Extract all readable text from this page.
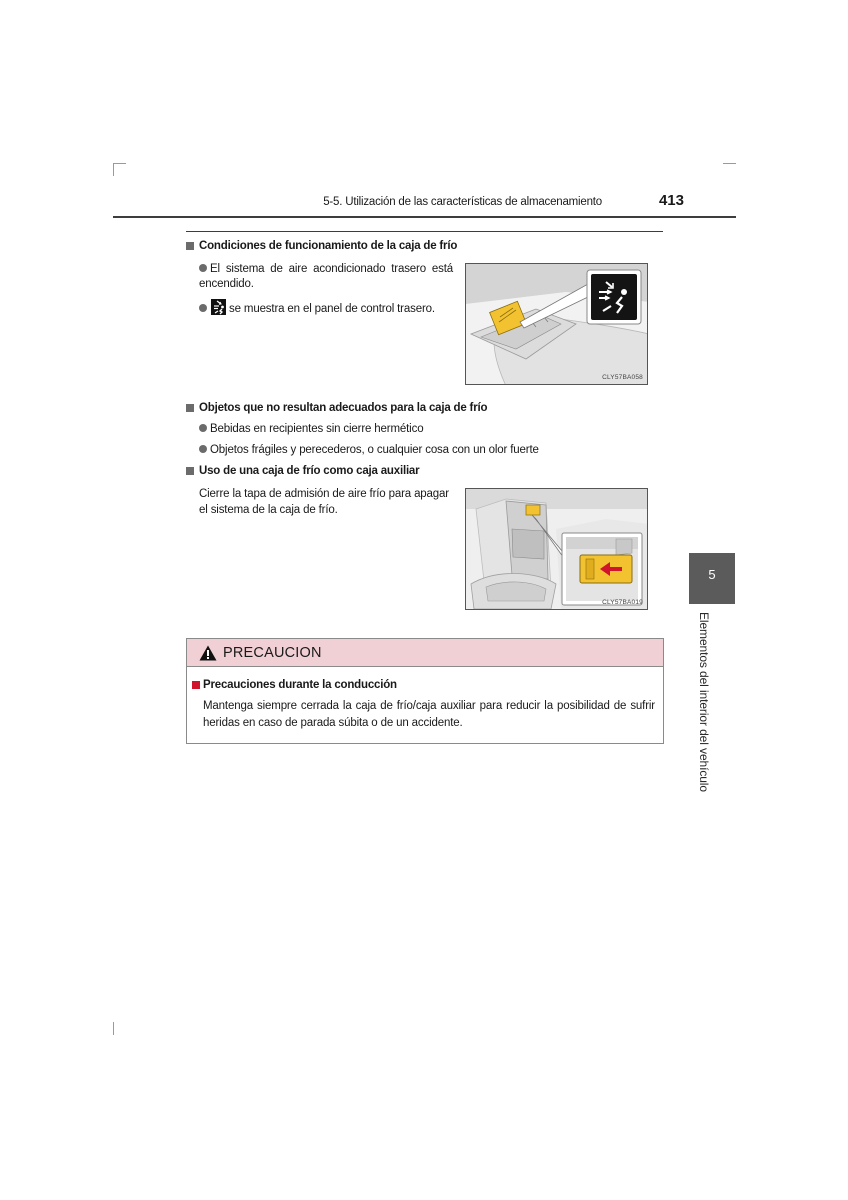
5-5. Utilización de las características de almacenamiento	413
5
Elementos del interior del vehículo
Condiciones de funcionamiento de la caja de frío
El sistema de aire acondicionado trasero está encendido.
se muestra en el panel de control trasero.
CLY57BA058
Objetos que no resultan adecuados para la caja de frío
Bebidas en recipientes sin cierre hermético
Objetos frágiles y perecederos, o cualquier cosa con un olor fuerte
Uso de una caja de frío como caja auxiliar
Cierre la tapa de admisión de aire frío para apagar el sistema de la caja de frío.
CLY57BA019
PRECAUCION
Precauciones durante la conducción
Mantenga siempre cerrada la caja de frío/caja auxiliar para reducir la posibilidad de sufrir heridas en caso de parada súbita o de un accidente.
